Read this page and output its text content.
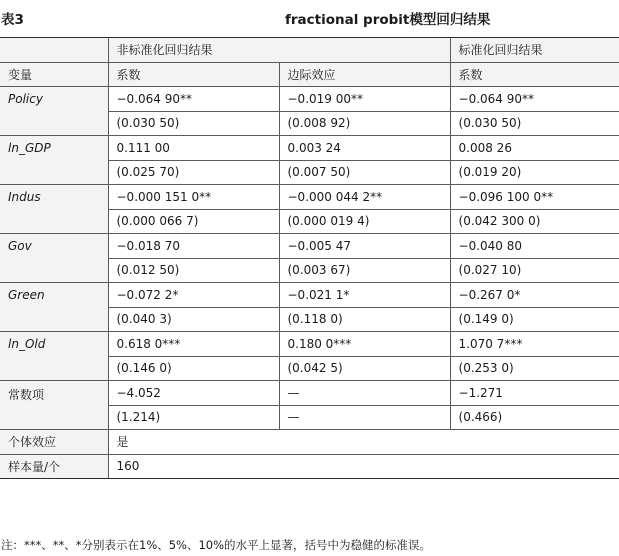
表3	fractional probit模型回归结果
	非标准化回归结果		标准化回归结果
变量	系数	边际效应	系数
Policy	−0.064 90**	−0.019 00**	−0.064 90**
	(0.030 50)	(0.008 92)	(0.030 50)
ln_GDP	0.111 00	0.003 24	0.008 26
	(0.025 70)	(0.007 50)	(0.019 20)
Indus	−0.000 151 0**	−0.000 044 2**	−0.096 100 0**
	(0.000 066 7)	(0.000 019 4)	(0.042 300 0)
Gov	−0.018 70	−0.005 47	−0.040 80
	(0.012 50)	(0.003 67)	(0.027 10)
Green	−0.072 2*	−0.021 1*	−0.267 0*
	(0.040 3)	(0.118 0)	(0.149 0)
ln_Old	0.618 0***	0.180 0***	1.070 7***
	(0.146 0)	(0.042 5)	(0.253 0)
常数项	−4.052	—	−1.271
	(1.214)	—	(0.466)
个体效应	是		
样本量/个	160		
注：***、**、*分别表示在1%、5%、10%的水平上显著，括号中为稳健的标准误。
